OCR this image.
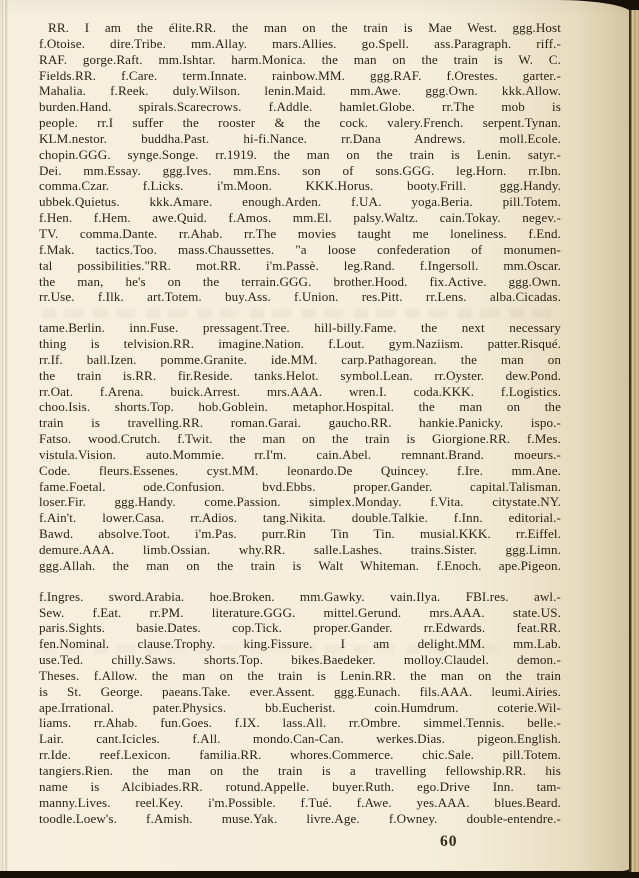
RR. I am the élite.RR. the man on the train is Mae West. ggg.Host
f.Otoise. dire.Tribe. mm.Allay. mars.Allies. go.Spell. ass.Paragraph. riff.-
RAF. gorge.Raft. mm.Ishtar. harm.Monica. the man on the train is W. C.
Fields.RR. f.Care. term.Innate. rainbow.MM. ggg.RAF. f.Orestes. garter.-
Mahalia. f.Reek. duly.Wilson. lenin.Maid. mm.Awe. ggg.Own. kkk.Allow.
burden.Hand. spirals.Scarecrows. f.Addle. hamlet.Globe. rr.The mob is
people. rr.I suffer the rooster & the cock. valery.French. serpent.Tynan.
KLM.nestor. buddha.Past. hi-fi.Nance. rr.Dana Andrews. moll.Ecole.
chopin.GGG. synge.Songe. rr.1919. the man on the train is Lenin. satyr.-
Dei. mm.Essay. ggg.Ives. mm.Ens. son of sons.GGG. leg.Horn. rr.Ibn.
comma.Czar. f.Licks. i'm.Moon. KKK.Horus. booty.Frill. ggg.Handy.
ubbek.Quietus. kkk.Amare. enough.Arden. f.UA. yoga.Beria. pill.Totem.
f.Hen. f.Hem. awe.Quid. f.Amos. mm.El. palsy.Waltz. cain.Tokay. negev.-
TV. comma.Dante. rr.Ahab. rr.The movies taught me loneliness. f.End.
f.Mak. tactics.Too. mass.Chaussettes. "a loose confederation of monumen-
tal possibilities."RR. mot.RR. i'm.Passè. leg.Rand. f.Ingersoll. mm.Oscar.
the man, he's on the terrain.GGG. brother.Hood. fix.Active. ggg.Own.
rr.Use. f.Ilk. art.Totem. buy.Ass. f.Union. res.Pitt. rr.Lens. alba.Cicadas.
tame.Berlin. inn.Fuse. pressagent.Tree. hill-billy.Fame. the next necessary
thing is telvision.RR. imagine.Nation. f.Lout. gym.Naziism. patter.Risqué.
rr.If. ball.Izen. pomme.Granite. ide.MM. carp.Pathagorean. the man on
the train is.RR. fir.Reside. tanks.Helot. symbol.Lean. rr.Oyster. dew.Pond.
rr.Oat. f.Arena. buick.Arrest. mrs.AAA. wren.I. coda.KKK. f.Logistics.
choo.Isis. shorts.Top. hob.Goblein. metaphor.Hospital. the man on the
train is travelling.RR. roman.Garai. gaucho.RR. hankie.Panicky. ispo.-
Fatso. wood.Crutch. f.Twit. the man on the train is Giorgione.RR. f.Mes.
vistula.Vision. auto.Mommie. rr.I'm. cain.Abel. remnant.Brand. moeurs.-
Code. fleurs.Essenes. cyst.MM. leonardo.De Quincey. f.Ire. mm.Ane.
fame.Foetal. ode.Confusion. bvd.Ebbs. proper.Gander. capital.Talisman.
loser.Fir. ggg.Handy. come.Passion. simplex.Monday. f.Vita. citystate.NY.
f.Ain't. lower.Casa. rr.Adios. tang.Nikita. double.Talkie. f.Inn. editorial.-
Bawd. absolve.Toot. i'm.Pas. purr.Rin Tin Tin. musial.KKK. rr.Eiffel.
demure.AAA. limb.Ossian. why.RR. salle.Lashes. trains.Sister. ggg.Limn.
ggg.Allah. the man on the train is Walt Whiteman. f.Enoch. ape.Pigeon.
f.Ingres. sword.Arabia. hoe.Broken. mm.Gawky. vain.Ilya. FBI.res. awl.-
Sew. f.Eat. rr.PM. literature.GGG. mittel.Gerund. mrs.AAA. state.US.
paris.Sights. basie.Dates. cop.Tick. proper.Gander. rr.Edwards. feat.RR.
fen.Nominal. clause.Trophy. king.Fissure. I am delight.MM. mm.Lab.
use.Ted. chilly.Saws. shorts.Top. bikes.Baedeker. molloy.Claudel. demon.-
Theses. f.Allow. the man on the train is Lenin.RR. the man on the train
is St. George. paeans.Take. ever.Assent. ggg.Eunach. fils.AAA. leumi.Airies.
ape.Irrational. pater.Physics. bb.Eucherist. coin.Humdrum. coterie.Wil-
liams. rr.Ahab. fun.Goes. f.IX. lass.All. rr.Ombre. simmel.Tennis. belle.-
Lair. cant.Icicles. f.All. mondo.Can-Can. werkes.Dias. pigeon.English.
rr.Ide. reef.Lexicon. familia.RR. whores.Commerce. chic.Sale. pill.Totem.
tangiers.Rien. the man on the train is a travelling fellowship.RR. his
name is Alcibiades.RR. rotund.Appelle. buyer.Ruth. ego.Drive Inn. tam-
manny.Lives. reel.Key. i'm.Possible. f.Tué. f.Awe. yes.AAA. blues.Beard.
toodle.Loew's. f.Amish. muse.Yak. livre.Age. f.Owney. double-entendre.-
60
